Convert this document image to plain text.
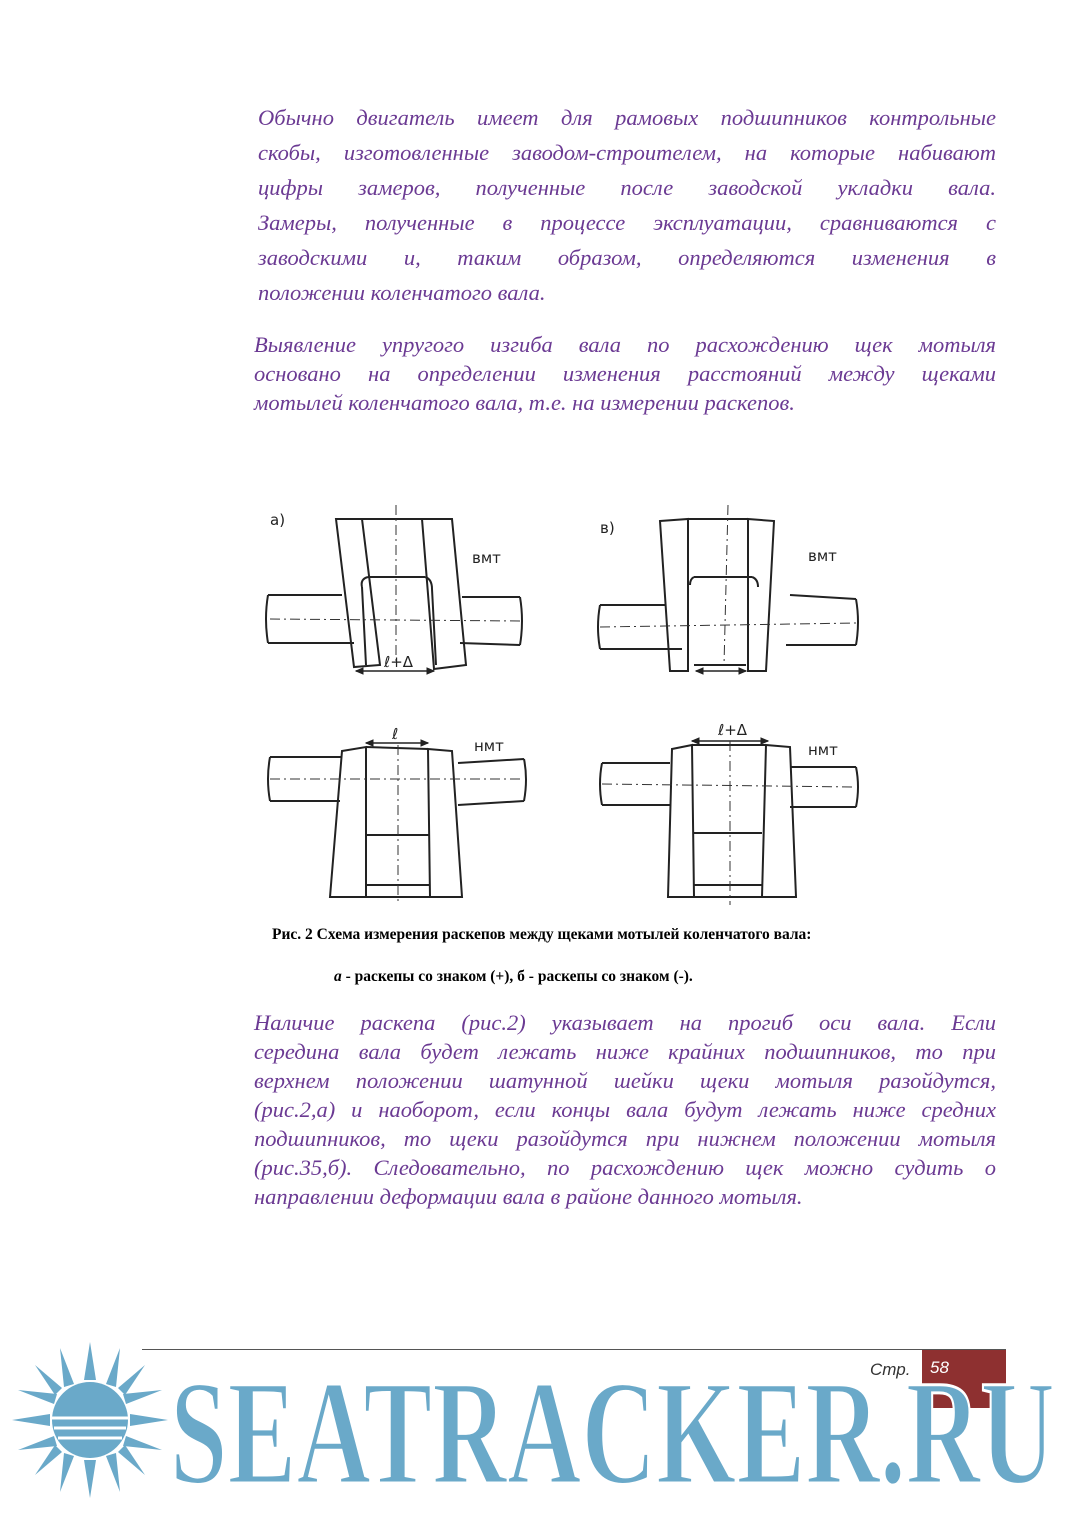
Обычно двигатель имеет для рамовых подшипников контрольные
скобы, изготовленные заводом-строителем, на которые набивают
цифры замеров, полученные после заводской укладки вала.
Замеры, полученные в процессе эксплуатации, сравниваются с
заводскими и, таким образом, определяются изменения в
положении коленчатого вала.
Выявление упругого изгиба вала по расхождению щек мотыля
основано на определении изменения расстояний между щеками
мотылей коленчатого вала, т.е. на измерении раскепов.
а)	в)
вмт	вмт
нмт	нмт
ℓ+Δ
ℓ	ℓ+Δ
Рис. 2 Схема измерения раскепов между щеками мотылей коленчатого вала:
а - раскепы со знаком (+), б - раскепы со знаком (-).
Наличие раскепа (рис.2) указывает на прогиб оси вала. Если
середина вала будет лежать ниже крайних подшипников, то при
верхнем положении шатунной шейки щеки мотыля разойдутся,
(рис.2,а) и наоборот, если концы вала будут лежать ниже средних
подшипников, то щеки разойдутся при нижнем положении мотыля
(рис.35,б). Следовательно, по расхождению щек можно судить о
направлении деформации вала в районе данного мотыля.
Стр. 58
SEATRACKER.RU
